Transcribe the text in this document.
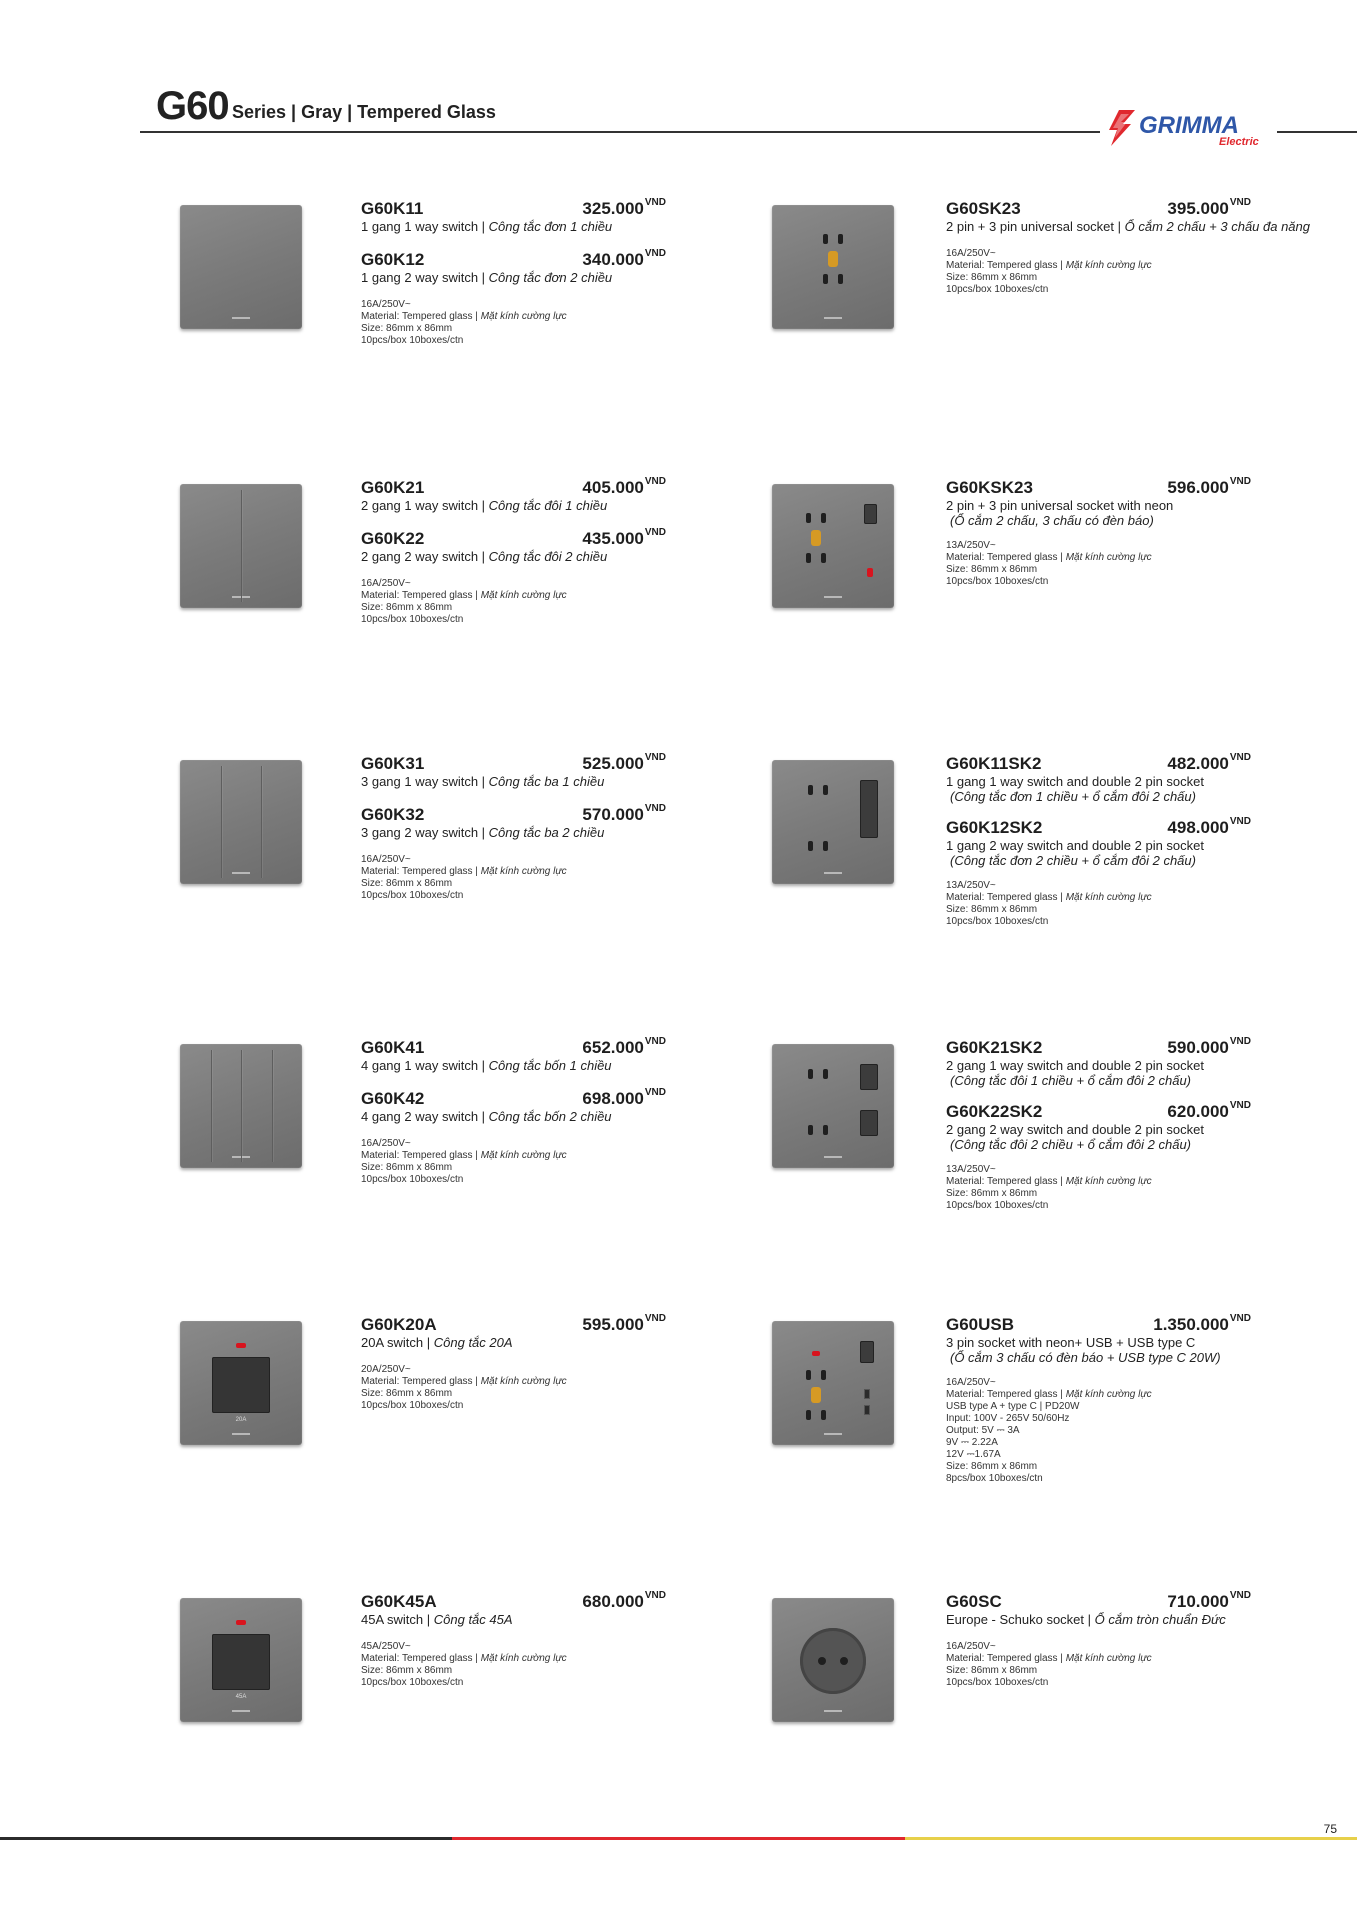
G60 Series | Gray | Tempered Glass	GRIMMA
Electric
G60K11	$325.000^{VND}$
1 gang 1 way switch | Công tắc đơn 1 chiều
G60K12	$340.000^{VND}$
1 gang 2 way switch | Công tắc đơn 2 chiều
16A/250V~
Material: Tempered glass | Mặt kính cường lực
Size: 86mm x 86mm
10pcs/box 10boxes/ctn
G60SK23	$395.000^{VND}$
2 pin + 3 pin universal socket | Ổ cắm 2 chấu + 3 chấu đa năng
16A/250V~
Material: Tempered glass | Mặt kính cường lực
Size: 86mm x 86mm
10pcs/box 10boxes/ctn
G60K21	$405.000^{VND}$
2 gang 1 way switch | Công tắc đôi 1 chiều
G60K22	$435.000^{VND}$
2 gang 2 way switch | Công tắc đôi 2 chiều
16A/250V~
Material: Tempered glass | Mặt kính cường lực
Size: 86mm x 86mm
10pcs/box 10boxes/ctn
G60KSK23	$596.000^{VND}$
2 pin + 3 pin universal socket with neon
(Ổ cắm 2 chấu, 3 chấu có đèn báo)
13A/250V~
Material: Tempered glass | Mặt kính cường lực
Size: 86mm x 86mm
10pcs/box 10boxes/ctn
G60K31	$525.000^{VND}$
3 gang 1 way switch | Công tắc ba 1 chiều
G60K32	$570.000^{VND}$
3 gang 2 way switch | Công tắc ba 2 chiều
16A/250V~
Material: Tempered glass | Mặt kính cường lực
Size: 86mm x 86mm
10pcs/box 10boxes/ctn
G60K11SK2	$482.000^{VND}$
1 gang 1 way switch and double 2 pin socket
(Công tắc đơn 1 chiều + ổ cắm đôi 2 chấu)
G60K12SK2	$498.000^{VND}$
1 gang 2 way switch and double 2 pin socket
(Công tắc đơn 2 chiều + ổ cắm đôi 2 chấu)
13A/250V~
Material: Tempered glass | Mặt kính cường lực
Size: 86mm x 86mm
10pcs/box 10boxes/ctn
G60K41	$652.000^{VND}$
4 gang 1 way switch | Công tắc bốn 1 chiều
G60K42	$698.000^{VND}$
4 gang 2 way switch | Công tắc bốn 2 chiều
16A/250V~
Material: Tempered glass | Mặt kính cường lực
Size: 86mm x 86mm
10pcs/box 10boxes/ctn
G60K21SK2	$590.000^{VND}$
2 gang 1 way switch and double 2 pin socket
(Công tắc đôi 1 chiều + ổ cắm đôi 2 chấu)
G60K22SK2	$620.000^{VND}$
2 gang 2 way switch and double 2 pin socket
(Công tắc đôi 2 chiều + ổ cắm đôi 2 chấu)
13A/250V~
Material: Tempered glass | Mặt kính cường lực
Size: 86mm x 86mm
10pcs/box 10boxes/ctn
20A
G60K20A	$595.000^{VND}$
20A switch | Công tắc 20A
20A/250V~
Material: Tempered glass | Mặt kính cường lực
Size: 86mm x 86mm
10pcs/box 10boxes/ctn
G60USB	$1.350.000^{VND}$
3 pin socket with neon+ USB + USB type C
(Ổ cắm 3 chấu có đèn báo + USB type C 20W)
16A/250V~
Material: Tempered glass | Mặt kính cường lực
USB type A + type C | PD20W
Input: 100V - 265V 50/60Hz
Output: 5V ⎓ 3A
9V ⎓ 2.22A
12V ⎓1.67A
Size: 86mm x 86mm
8pcs/box 10boxes/ctn
45A
G60K45A	$680.000^{VND}$
45A switch | Công tắc 45A
45A/250V~
Material: Tempered glass | Mặt kính cường lực
Size: 86mm x 86mm
10pcs/box 10boxes/ctn
G60SC	$710.000^{VND}$
Europe - Schuko socket | Ổ cắm tròn chuẩn Đức
16A/250V~
Material: Tempered glass | Mặt kính cường lực
Size: 86mm x 86mm
10pcs/box 10boxes/ctn
75
